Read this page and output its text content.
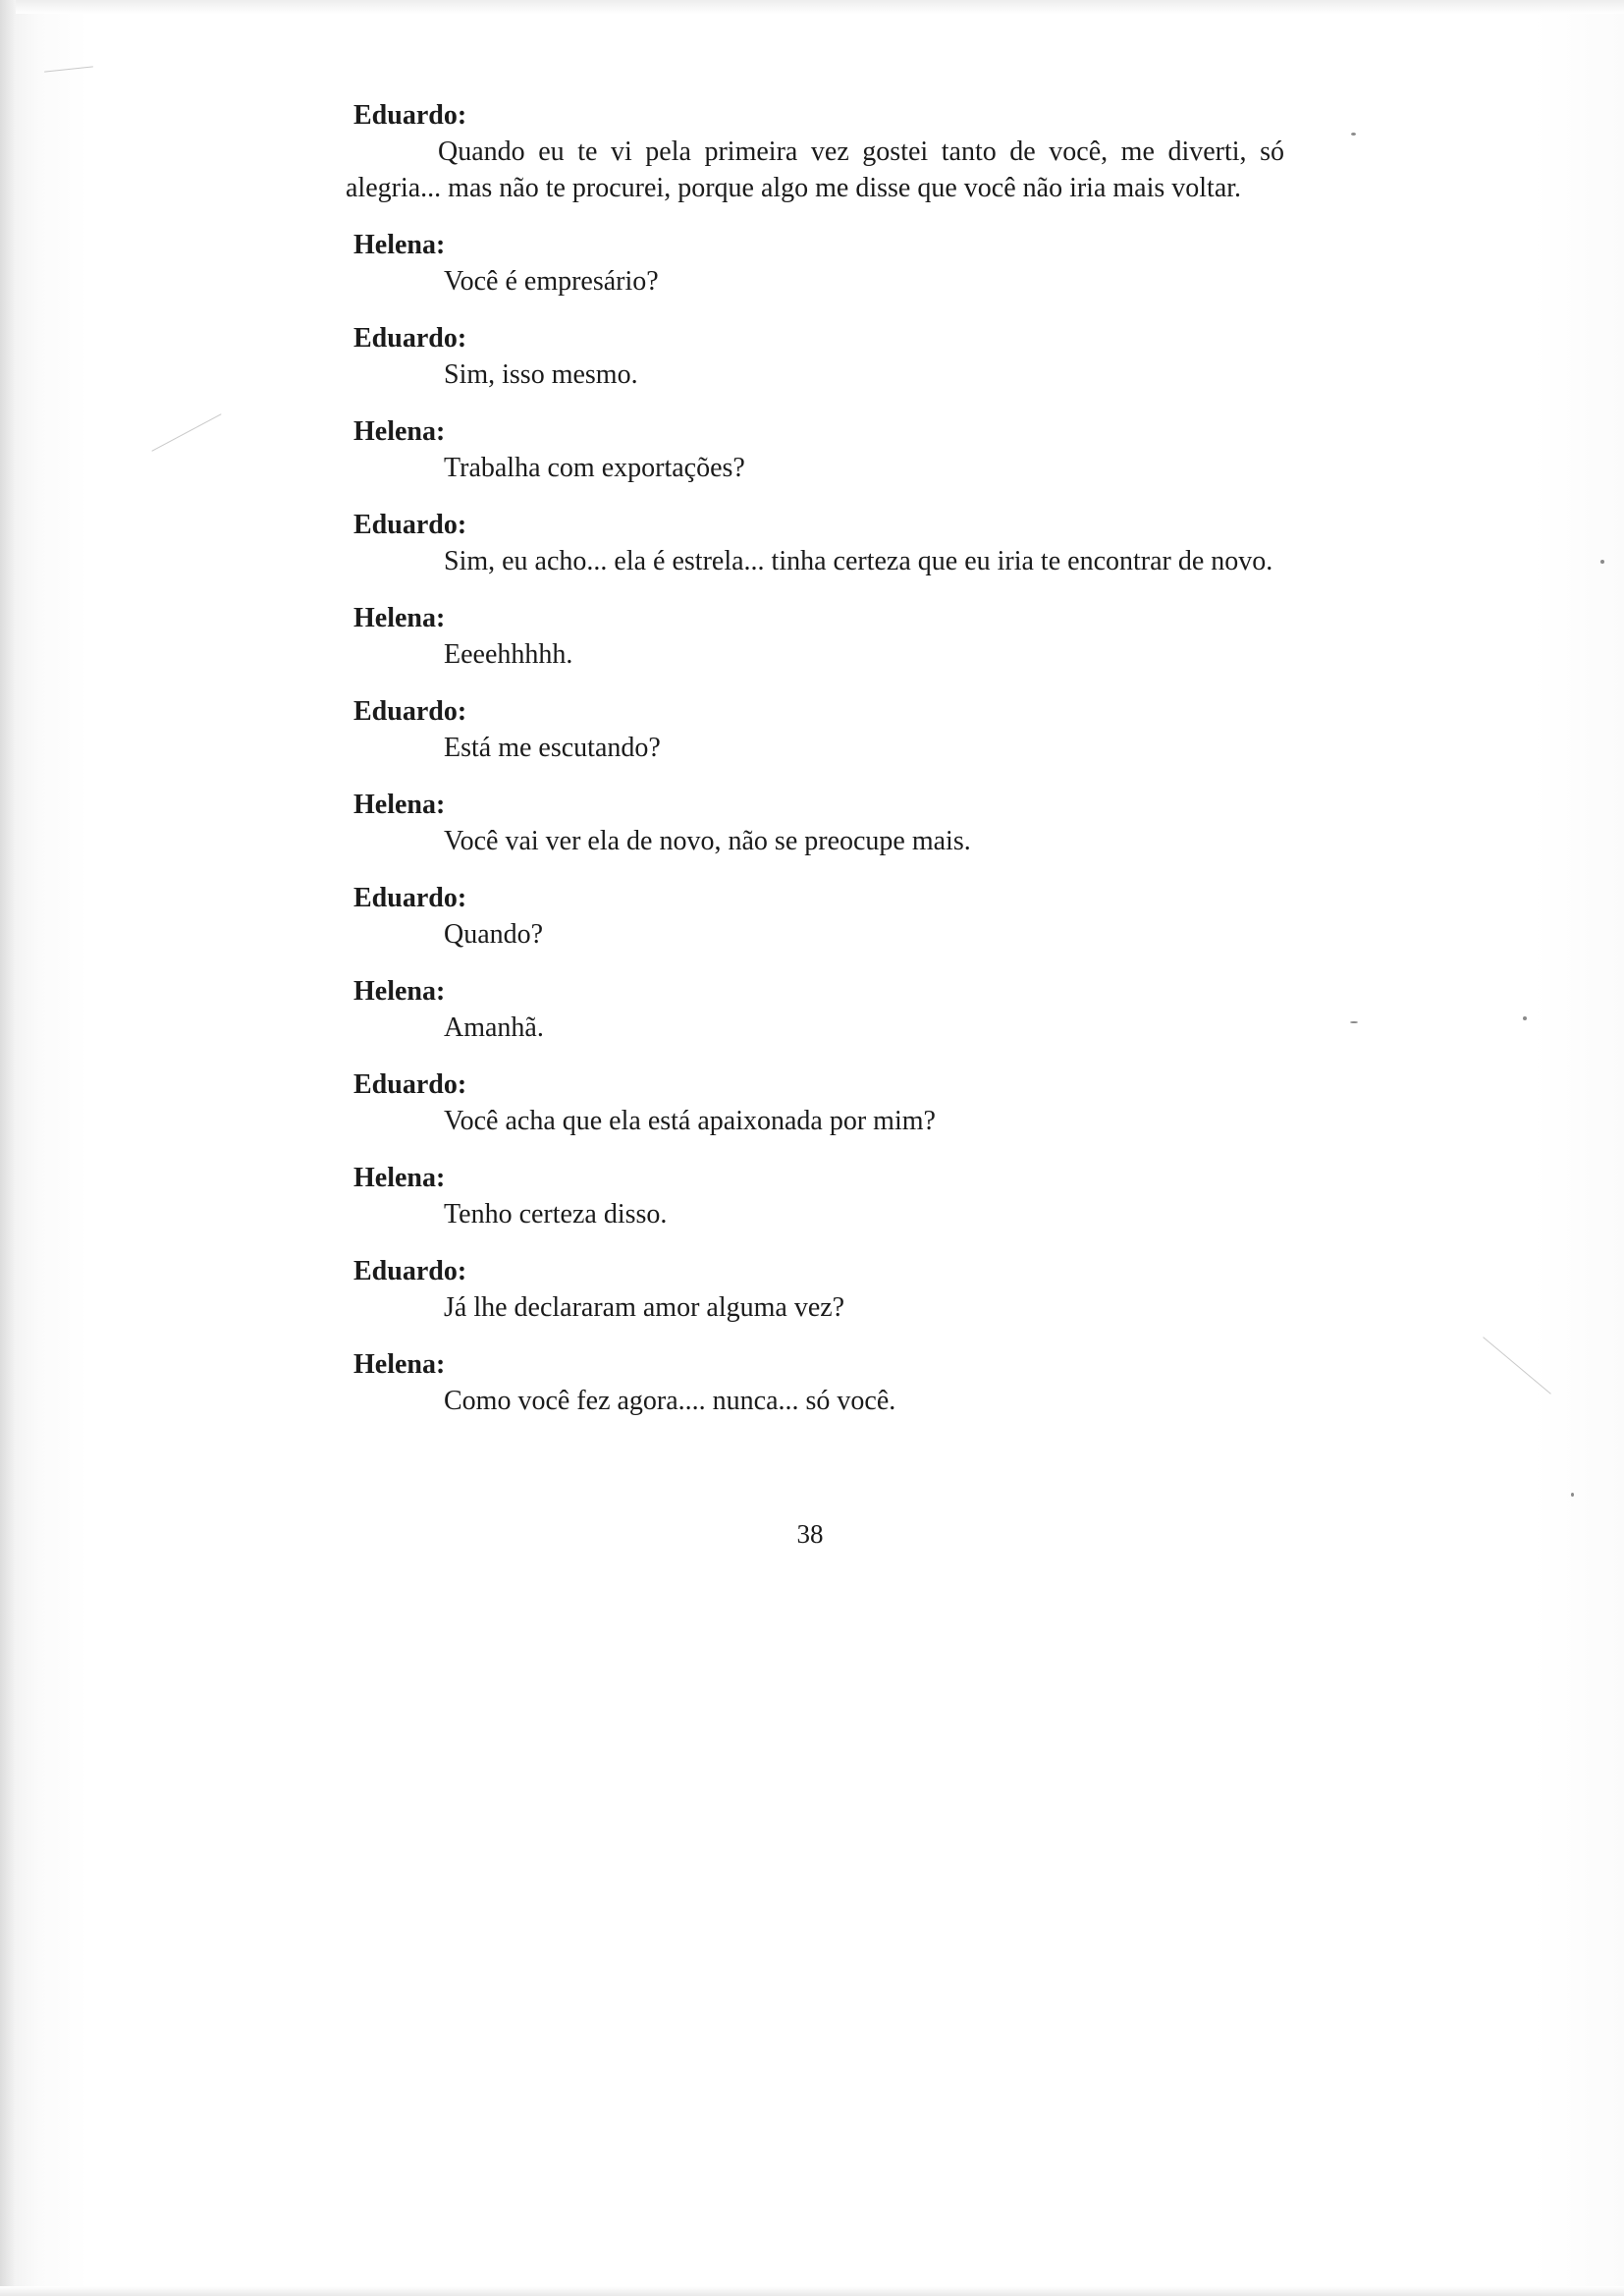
Eduardo:

Quando eu te vi pela primeira vez gostei tanto de você, me diverti, só alegria... mas não te procurei, porque algo me disse que você não iria mais voltar.

Helena:

Você é empresário?

Eduardo:

Sim, isso mesmo.

Helena:

Trabalha com exportações?

Eduardo:

Sim, eu acho... ela é estrela... tinha certeza que eu iria te encontrar de novo.

Helena:

Eeeehhhhh.

Eduardo:

Está me escutando?

Helena:

Você vai ver ela de novo, não se preocupe mais.

Eduardo:

Quando?

Helena:

Amanhã.

Eduardo:

Você acha que ela está apaixonada por mim?

Helena:

Tenho certeza disso.

Eduardo:

Já lhe declararam amor alguma vez?

Helena:

Como você fez agora.... nunca... só você.

38
